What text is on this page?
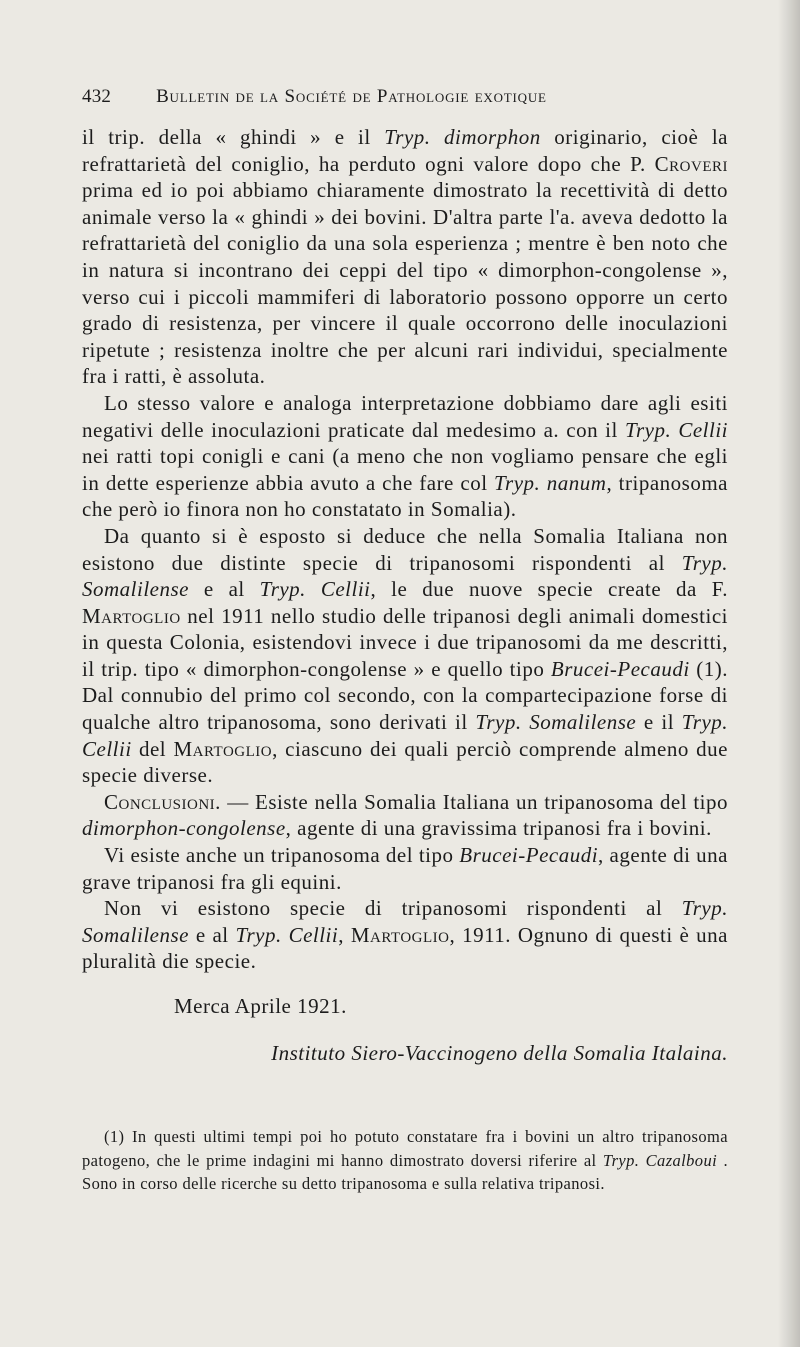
432 Bulletin de la Société de Pathologie exotique

il trip. della « ghindi » e il Tryp. dimorphon originario, cioè la refrattarietà del coniglio, ha perduto ogni valore dopo che P. Croveri prima ed io poi abbiamo chiaramente dimostrato la recettività di detto animale verso la « ghindi » dei bovini. D'altra parte l'a. aveva dedotto la refrattarietà del coniglio da una sola esperienza ; mentre è ben noto che in natura si incontrano dei ceppi del tipo « dimorphon-congolense », verso cui i piccoli mammiferi di laboratorio possono opporre un certo grado di resistenza, per vincere il quale occorrono delle inoculazioni ripetute ; resistenza inoltre che per alcuni rari individui, specialmente fra i ratti, è assoluta.

Lo stesso valore e analoga interpretazione dobbiamo dare agli esiti negativi delle inoculazioni praticate dal medesimo a. con il Tryp. Cellii nei ratti topi conigli e cani (a meno che non vogliamo pensare che egli in dette esperienze abbia avuto a che fare col Tryp. nanum, tripanosoma che però io finora non ho constatato in Somalia).

Da quanto si è esposto si deduce che nella Somalia Italiana non esistono due distinte specie di tripanosomi rispondenti al Tryp. Somalilense e al Tryp. Cellii, le due nuove specie create da F. Martoglio nel 1911 nello studio delle tripanosi degli animali domestici in questa Colonia, esistendovi invece i due tripanosomi da me descritti, il trip. tipo « dimorphon-congolense » e quello tipo Brucei-Pecaudi (1). Dal connubio del primo col secondo, con la compartecipazione forse di qualche altro tripanosoma, sono derivati il Tryp. Somalilense e il Tryp. Cellii del Martoglio, ciascuno dei quali perciò comprende almeno due specie diverse.

Conclusioni. — Esiste nella Somalia Italiana un tripanosoma del tipo dimorphon-congolense, agente di una gravissima tripanosi fra i bovini.

Vi esiste anche un tripanosoma del tipo Brucei-Pecaudi, agente di una grave tripanosi fra gli equini.

Non vi esistono specie di tripanosomi rispondenti al Tryp. Somalilense e al Tryp. Cellii, Martoglio, 1911. Ognuno di questi è una pluralità die specie.

Merca Aprile 1921.

Instituto Siero-Vaccinogeno della Somalia Italaina.

(1) In questi ultimi tempi poi ho potuto constatare fra i bovini un altro tripanosoma patogeno, che le prime indagini mi hanno dimostrato doversi riferire al Tryp. Cazalboui . Sono in corso delle ricerche su detto tripanosoma e sulla relativa tripanosi.
